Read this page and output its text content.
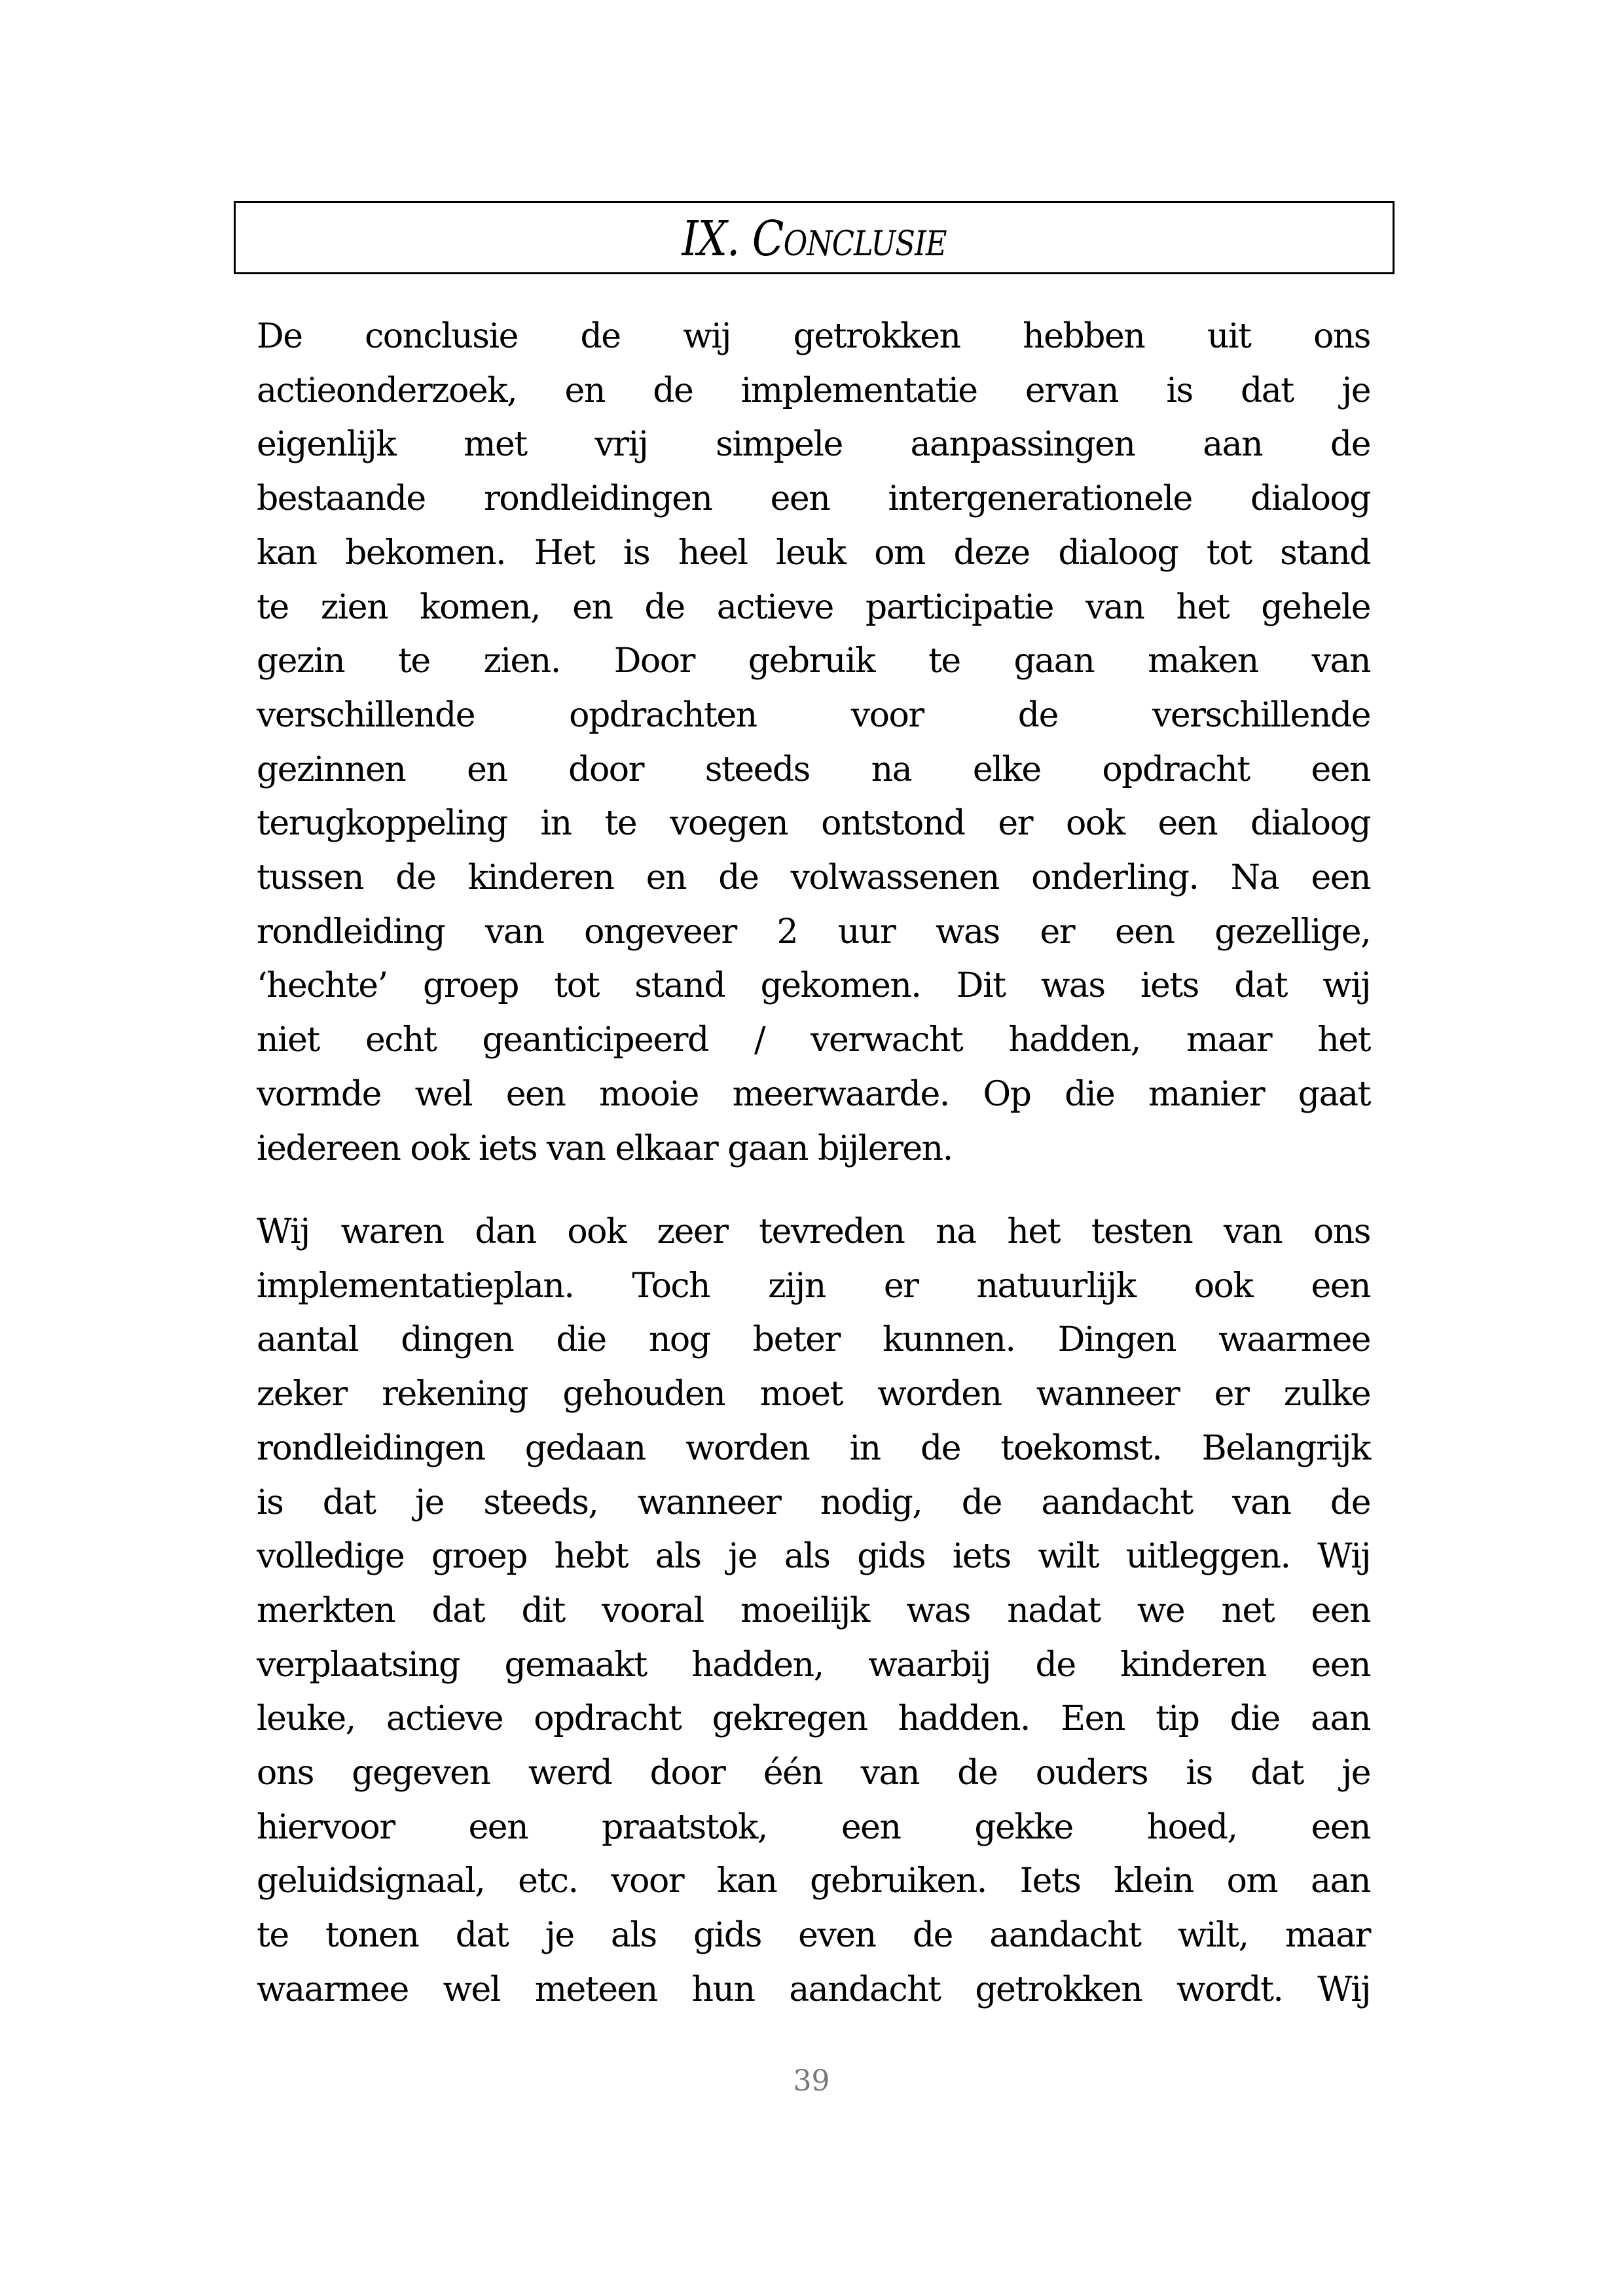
IX. Conclusie
De conclusie de wij getrokken hebben uit ons
actieonderzoek, en de implementatie ervan is dat je
eigenlijk met vrij simpele aanpassingen aan de
bestaande rondleidingen een intergenerationele dialoog
kan bekomen. Het is heel leuk om deze dialoog tot stand
te zien komen, en de actieve participatie van het gehele
gezin te zien. Door gebruik te gaan maken van
verschillende opdrachten voor de verschillende
gezinnen en door steeds na elke opdracht een
terugkoppeling in te voegen ontstond er ook een dialoog
tussen de kinderen en de volwassenen onderling. Na een
rondleiding van ongeveer 2 uur was er een gezellige,
‘hechte’ groep tot stand gekomen. Dit was iets dat wij
niet echt geanticipeerd / verwacht hadden, maar het
vormde wel een mooie meerwaarde. Op die manier gaat
iedereen ook iets van elkaar gaan bijleren.
Wij waren dan ook zeer tevreden na het testen van ons
implementatieplan. Toch zijn er natuurlijk ook een
aantal dingen die nog beter kunnen. Dingen waarmee
zeker rekening gehouden moet worden wanneer er zulke
rondleidingen gedaan worden in de toekomst. Belangrijk
is dat je steeds, wanneer nodig, de aandacht van de
volledige groep hebt als je als gids iets wilt uitleggen. Wij
merkten dat dit vooral moeilijk was nadat we net een
verplaatsing gemaakt hadden, waarbij de kinderen een
leuke, actieve opdracht gekregen hadden. Een tip die aan
ons gegeven werd door één van de ouders is dat je
hiervoor een praatstok, een gekke hoed, een
geluidsignaal, etc. voor kan gebruiken. Iets klein om aan
te tonen dat je als gids even de aandacht wilt, maar
waarmee wel meteen hun aandacht getrokken wordt. Wij
39
